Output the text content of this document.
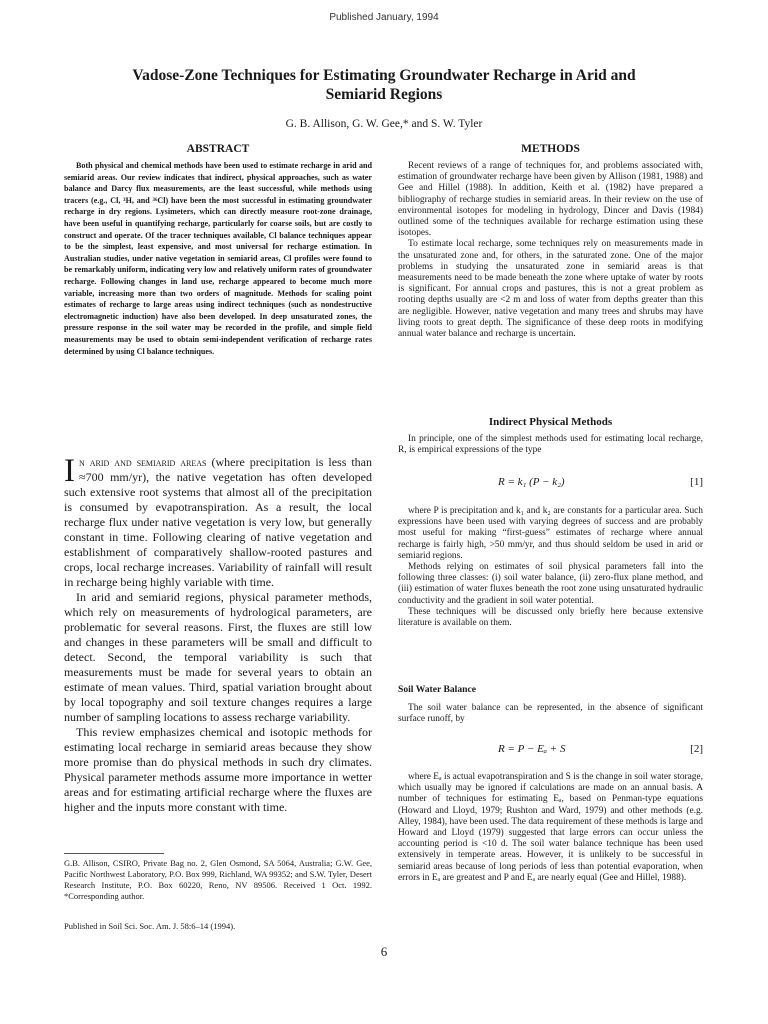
Published January, 1994
Vadose-Zone Techniques for Estimating Groundwater Recharge in Arid and Semiarid Regions
G. B. Allison, G. W. Gee,* and S. W. Tyler
ABSTRACT
Both physical and chemical methods have been used to estimate recharge in arid and semiarid areas. Our review indicates that indirect, physical approaches, such as water balance and Darcy flux measurements, are the least successful, while methods using tracers (e.g., Cl, ³H, and ³⁶Cl) have been the most successful in estimating groundwater recharge in dry regions. Lysimeters, which can directly measure root-zone drainage, have been useful in quantifying recharge, particularly for coarse soils, but are costly to construct and operate. Of the tracer techniques available, Cl balance techniques appear to be the simplest, least expensive, and most universal for recharge estimation. In Australian studies, under native vegetation in semiarid areas, Cl profiles were found to be remarkably uniform, indicating very low and relatively uniform rates of groundwater recharge. Following changes in land use, recharge appeared to become much more variable, increasing more than two orders of magnitude. Methods for scaling point estimates of recharge to large areas using indirect techniques (such as nondestructive electromagnetic induction) have also been developed. In deep unsaturated zones, the pressure response in the soil water may be recorded in the profile, and simple field measurements may be used to obtain semi-independent verification of recharge rates determined by using Cl balance techniques.

In arid and semiarid areas (where precipitation is less than ≈700 mm/yr), the native vegetation has often developed such extensive root systems that almost all of the precipitation is consumed by evapotranspiration. As a result, the local recharge flux under native vegetation is very low, but generally constant in time. Following clearing of native vegetation and establishment of comparatively shallow-rooted pastures and crops, local recharge increases. Variability of rainfall will result in recharge being highly variable with time.

In arid and semiarid regions, physical parameter methods, which rely on measurements of hydrological parameters, are problematic for several reasons. First, the fluxes are still low and changes in these parameters will be small and difficult to detect. Second, the temporal variability is such that measurements must be made for several years to obtain an estimate of mean values. Third, spatial variation brought about by local topography and soil texture changes requires a large number of sampling locations to assess recharge variability.

This review emphasizes chemical and isotopic methods for estimating local recharge in semiarid areas because they show more promise than do physical methods in such dry climates. Physical parameter methods assume more importance in wetter areas and for estimating artificial recharge where the fluxes are higher and the inputs more constant with time.

G.B. Allison, CSIRO, Private Bag no. 2, Glen Osmond, SA 5064, Australia; G.W. Gee, Pacific Northwest Laboratory, P.O. Box 999, Richland, WA 99352; and S.W. Tyler, Desert Research Institute, P.O. Box 60220, Reno, NV 89506. Received 1 Oct. 1992. *Corresponding author.
Published in Soil Sci. Soc. Am. J. 58:6–14 (1994).
METHODS

Recent reviews of a range of techniques for, and problems associated with, estimation of groundwater recharge have been given by Allison (1981, 1988) and Gee and Hillel (1988). In addition, Keith et al. (1982) have prepared a bibliography of recharge studies in semiarid areas. In their review on the use of environmental isotopes for modeling in hydrology, Dincer and Davis (1984) outlined some of the techniques available for recharge estimation using these isotopes.

To estimate local recharge, some techniques rely on measurements made in the unsaturated zone and, for others, in the saturated zone. One of the major problems in studying the unsaturated zone in semiarid areas is that measurements need to be made beneath the zone where uptake of water by roots is significant. For annual crops and pastures, this is not a great problem as rooting depths usually are <2 m and loss of water from depths greater than this are negligible. However, native vegetation and many trees and shrubs may have living roots to great depth. The significance of these deep roots in modifying annual water balance and recharge is uncertain.

Indirect Physical Methods

In principle, one of the simplest methods used for estimating local recharge, R, is empirical expressions of the type

R = k₁ (P − k₂)	[1]

where P is precipitation and k₁ and k₂ are constants for a particular area. Such expressions have been used with varying degrees of success and are probably most useful for making “first-guess” estimates of recharge where annual recharge is fairly high, >50 mm/yr, and thus should seldom be used in arid or semiarid regions.

Methods relying on estimates of soil physical parameters fall into the following three classes: (i) soil water balance, (ii) zero-flux plane method, and (iii) estimation of water fluxes beneath the root zone using unsaturated hydraulic conductivity and the gradient in soil water potential.

These techniques will be discussed only briefly here because extensive literature is available on them.

Soil Water Balance

The soil water balance can be represented, in the absence of significant surface runoff, by

R = P − Eₐ + S	[2]

where Eₐ is actual evapotranspiration and S is the change in soil water storage, which usually may be ignored if calculations are made on an annual basis. A number of techniques for estimating Eₐ, based on Penman-type equations (Howard and Lloyd, 1979; Rushton and Ward, 1979) and other methods (e.g. Alley, 1984), have been used. The data requirement of these methods is large and Howard and Lloyd (1979) suggested that large errors can occur unless the accounting period is <10 d. The soil water balance technique has been used extensively in temperate areas. However, it is unlikely to be successful in semiarid areas because of long periods of less than potential evaporation, when errors in Eₐ are greatest and P and Eₐ are nearly equal (Gee and Hillel, 1988).

6
